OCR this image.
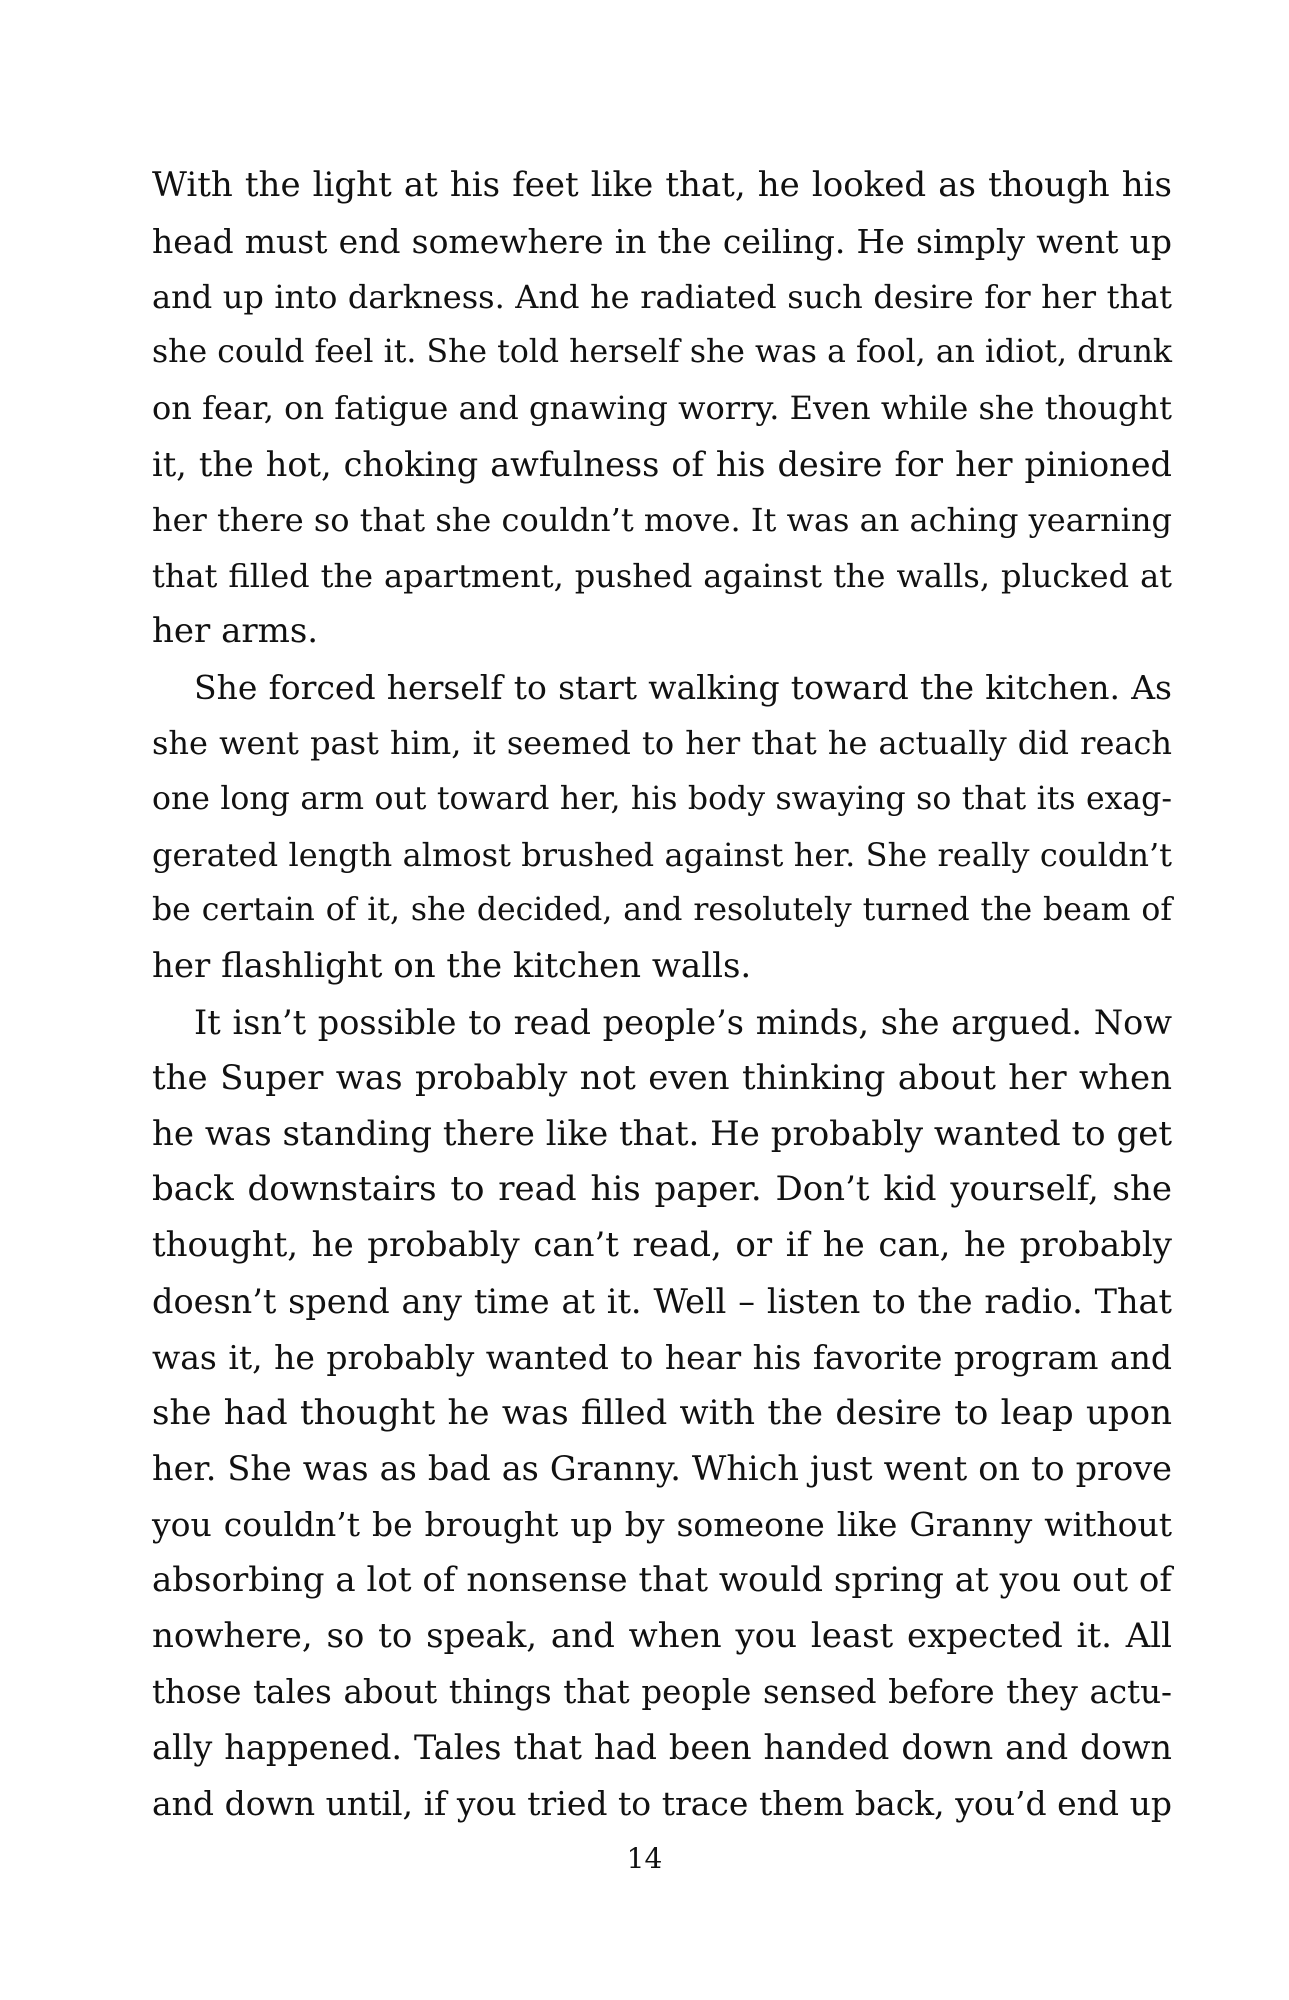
With the light at his feet like that, he looked as though his
head must end somewhere in the ceiling. He simply went up
and up into darkness. And he radiated such desire for her that
she could feel it. She told herself she was a fool, an idiot, drunk
on fear, on fatigue and gnawing worry. Even while she thought
it, the hot, choking awfulness of his desire for her pinioned
her there so that she couldn’t move. It was an aching yearning
that filled the apartment, pushed against the walls, plucked at
her arms.
She forced herself to start walking toward the kitchen. As
she went past him, it seemed to her that he actually did reach
one long arm out toward her, his body swaying so that its exag-
gerated length almost brushed against her. She really couldn’t
be certain of it, she decided, and resolutely turned the beam of
her flashlight on the kitchen walls.
It isn’t possible to read people’s minds, she argued. Now
the Super was probably not even thinking about her when
he was standing there like that. He probably wanted to get
back downstairs to read his paper. Don’t kid yourself, she
thought, he probably can’t read, or if he can, he probably
doesn’t spend any time at it. Well – listen to the radio. That
was it, he probably wanted to hear his favorite program and
she had thought he was filled with the desire to leap upon
her. She was as bad as Granny. Which just went on to prove
you couldn’t be brought up by someone like Granny without
absorbing a lot of nonsense that would spring at you out of
nowhere, so to speak, and when you least expected it. All
those tales about things that people sensed before they actu-
ally happened. Tales that had been handed down and down
and down until, if you tried to trace them back, you’d end up
14
